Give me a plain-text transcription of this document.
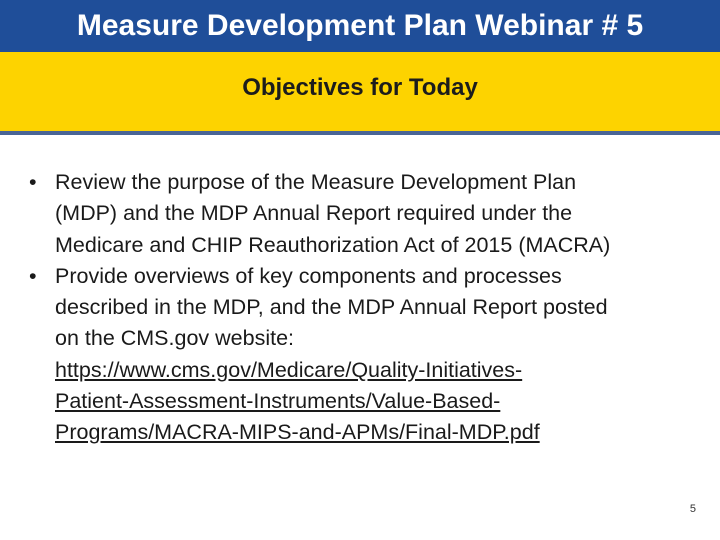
Measure Development Plan Webinar # 5
Objectives for Today
• Review the purpose of the Measure Development Plan
(MDP) and the MDP Annual Report required under the
Medicare and CHIP Reauthorization Act of 2015 (MACRA)
• Provide overviews of key components and processes
described in the MDP, and the MDP Annual Report posted
on the CMS.gov website:
https://www.cms.gov/Medicare/Quality-Initiatives-
Patient-Assessment-Instruments/Value-Based-
Programs/MACRA-MIPS-and-APMs/Final-MDP.pdf
5
